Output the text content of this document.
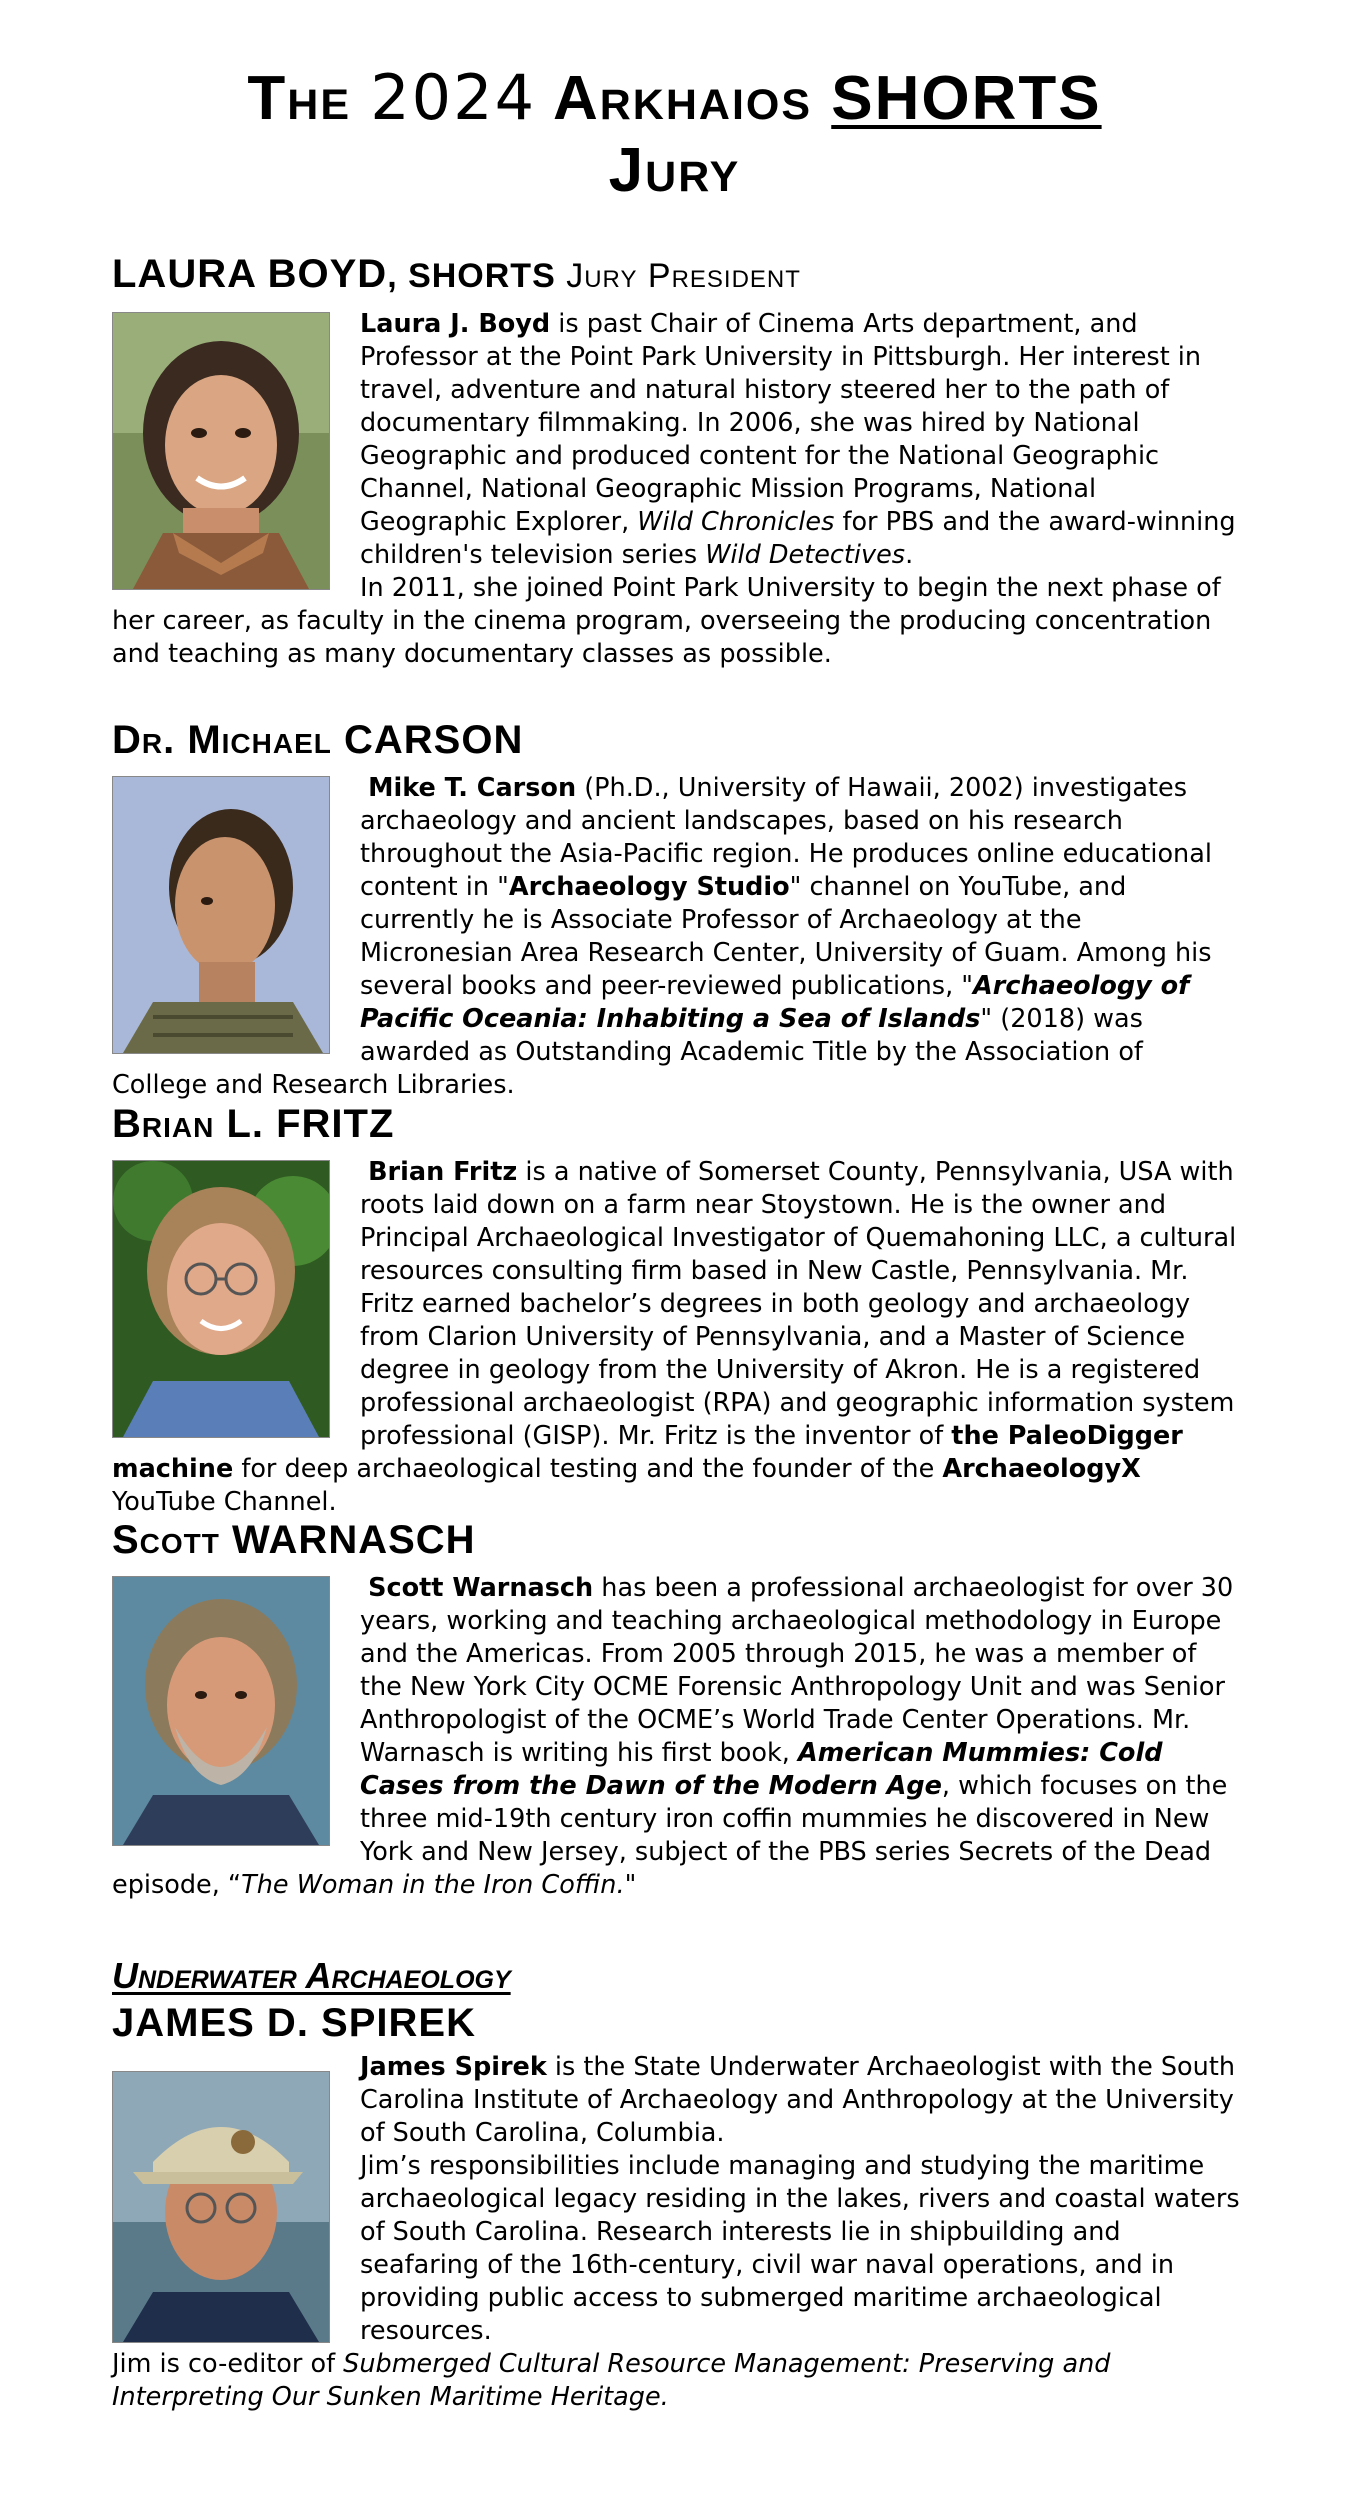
The 2024 Arkhaios SHORTS
Jury
LAURA BOYD, SHORTS Jury President

Laura J. Boyd is past Chair of Cinema Arts department, and Professor at the Point Park University in Pittsburgh. Her interest in travel, adventure and natural history steered her to the path of documentary filmmaking. In 2006, she was hired by National Geographic and produced content for the National Geographic Channel, National Geographic Mission Programs, National Geographic Explorer, Wild Chronicles for PBS and the award-winning children's television series Wild Detectives.

In 2011, she joined Point Park University to begin the next phase of her career, as faculty in the cinema program, overseeing the producing concentration and teaching as many documentary classes as possible.

Dr. Michael CARSON

Mike T. Carson (Ph.D., University of Hawaii, 2002) investigates archaeology and ancient landscapes, based on his research throughout the Asia-Pacific region. He produces online educational content in "Archaeology Studio" channel on YouTube, and currently he is Associate Professor of Archaeology at the Micronesian Area Research Center, University of Guam. Among his several books and peer-reviewed publications, "Archaeology of Pacific Oceania: Inhabiting a Sea of Islands" (2018) was awarded as Outstanding Academic Title by the Association of College and Research Libraries.

Brian L. FRITZ

Brian Fritz is a native of Somerset County, Pennsylvania, USA with roots laid down on a farm near Stoystown. He is the owner and Principal Archaeological Investigator of Quemahoning LLC, a cultural resources consulting firm based in New Castle, Pennsylvania. Mr. Fritz earned bachelor’s degrees in both geology and archaeology from Clarion University of Pennsylvania, and a Master of Science degree in geology from the University of Akron. He is a registered professional archaeologist (RPA) and geographic information system professional (GISP). Mr. Fritz is the inventor of the PaleoDigger machine for deep archaeological testing and the founder of the ArchaeologyX YouTube Channel.

Scott WARNASCH

Scott Warnasch has been a professional archaeologist for over 30 years, working and teaching archaeological methodology in Europe and the Americas. From 2005 through 2015, he was a member of the New York City OCME Forensic Anthropology Unit and was Senior Anthropologist of the OCME’s World Trade Center Operations. Mr. Warnasch is writing his first book, American Mummies: Cold Cases from the Dawn of the Modern Age, which focuses on the three mid-19th century iron coffin mummies he discovered in New York and New Jersey, subject of the PBS series Secrets of the Dead episode, “The Woman in the Iron Coffin."

Underwater Archaeology
JAMES D. SPIREK

James Spirek is the State Underwater Archaeologist with the South Carolina Institute of Archaeology and Anthropology at the University of South Carolina, Columbia.

Jim’s responsibilities include managing and studying the maritime archaeological legacy residing in the lakes, rivers and coastal waters of South Carolina. Research interests lie in shipbuilding and seafaring of the 16th-century, civil war naval operations, and in providing public access to submerged maritime archaeological resources.

Jim is co-editor of Submerged Cultural Resource Management: Preserving and Interpreting Our Sunken Maritime Heritage.
